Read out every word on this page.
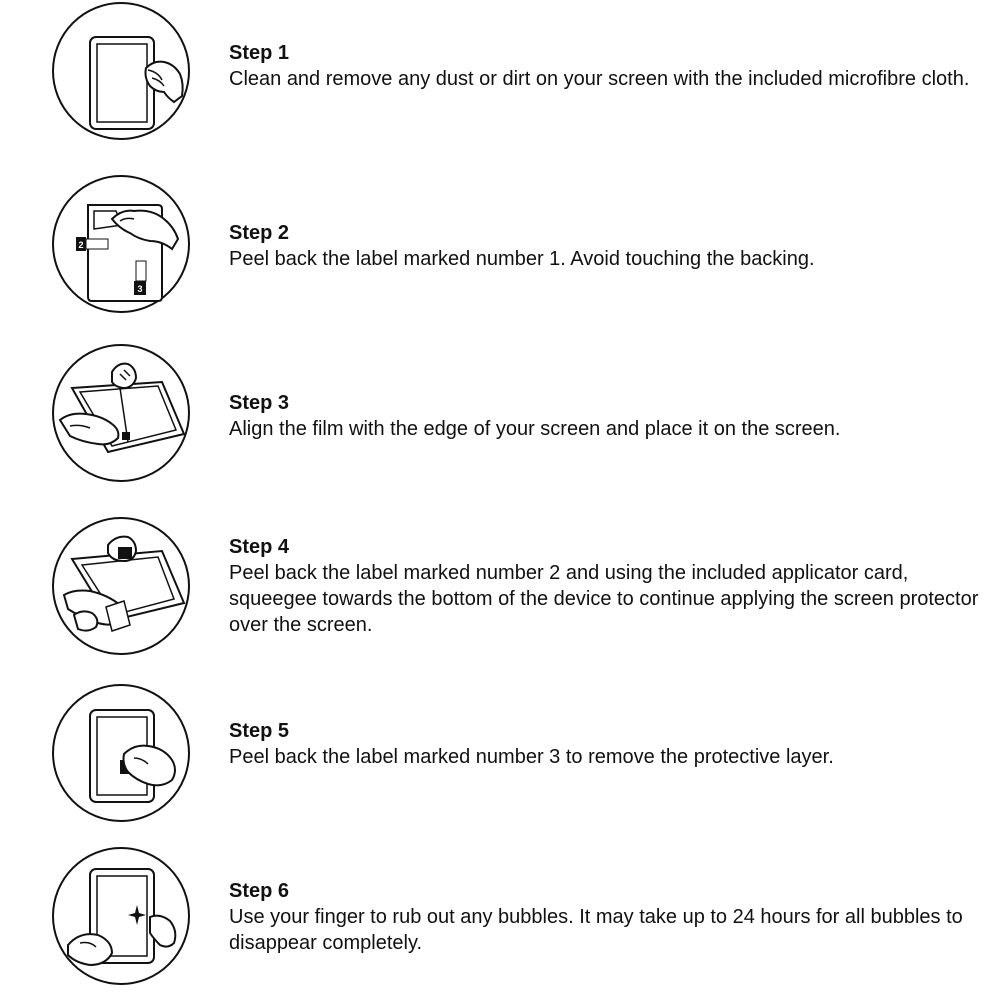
Step 1

Clean and remove any dust or dirt on your screen with the included microfibre cloth.

2
3

Step 2

Peel back the label marked number 1. Avoid touching the backing.

Step 3

Align the film with the edge of your screen and place it on the screen.

Step 4

Peel back the label marked number 2 and using the included applicator card, squeegee towards the bottom of the device to continue applying the screen protector over the screen.

Step 5

Peel back the label marked number 3 to remove the protective layer.

Step 6

Use your finger to rub out any bubbles. It may take up to 24 hours for all bubbles to disappear completely.
